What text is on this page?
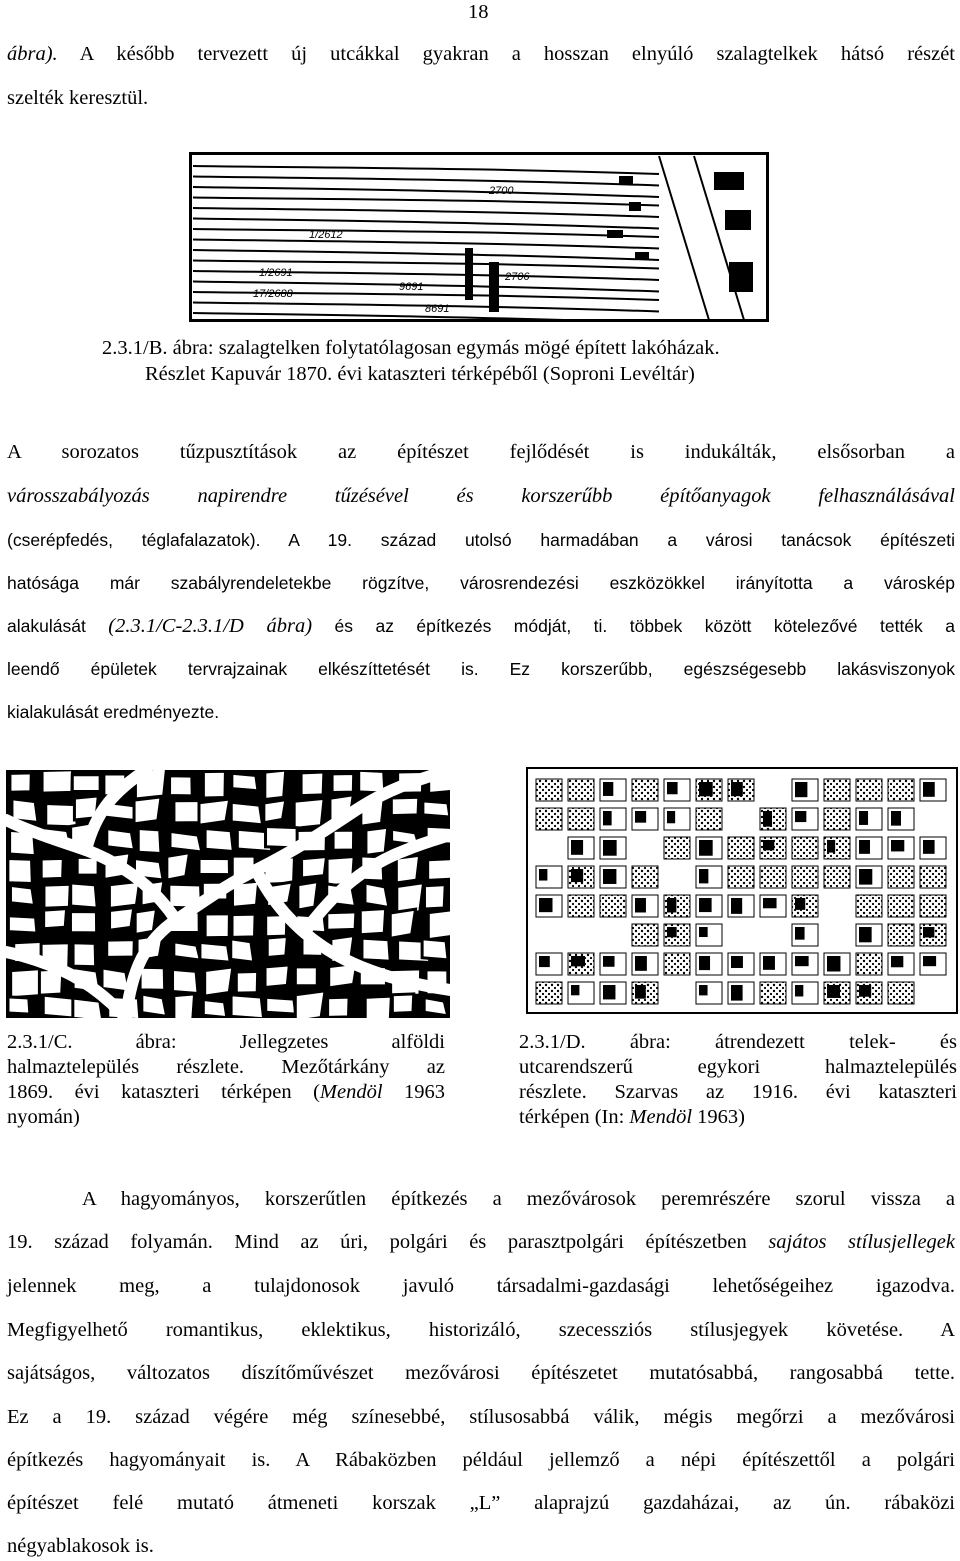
18
ábra). A később tervezett új utcákkal gyakran a hosszan elnyúló szalagtelkek hátsó részét
szelték keresztül.
1/2691
17/2688
9691
8691
1/2612
2706
2700
2.3.1/B. ábra: szalagtelken folytatólagosan egymás mögé épített lakóházak.
Részlet Kapuvár 1870. évi kataszteri térképéből (Soproni Levéltár)
A sorozatos tűzpusztítások az építészet fejlődését is indukálták, elsősorban a
városszabályozás napirendre tűzésével és korszerűbb építőanyagok felhasználásával
(cserépfedés, téglafalazatok). A 19. század utolsó harmadában a városi tanácsok építészeti
hatósága már szabályrendeletekbe rögzítve, városrendezési eszközökkel irányította a városkép
alakulását (2.3.1/C-2.3.1/D ábra) és az építkezés módját, ti. többek között kötelezővé tették a
leendő épületek tervrajzainak elkészíttetését is. Ez korszerűbb, egészségesebb lakásviszonyok
kialakulását eredményezte.
2.3.1/C. ábra: Jellegzetes alföldi
halmaztelepülés részlete. Mezőtárkány az
1869. évi kataszteri térképen (Mendöl 1963
nyomán)
2.3.1/D. ábra: átrendezett telek- és
utcarendszerű egykori halmaztelepülés
részlete. Szarvas az 1916. évi kataszteri
térképen (In: Mendöl 1963)
A hagyományos, korszerűtlen építkezés a mezővárosok peremrészére szorul vissza a
19. század folyamán. Mind az úri, polgári és parasztpolgári építészetben sajátos stílusjellegek
jelennek meg, a tulajdonosok javuló társadalmi-gazdasági lehetőségeihez igazodva.
Megfigyelhető romantikus, eklektikus, historizáló, szecessziós stílusjegyek követése. A
sajátságos, változatos díszítőművészet mezővárosi építészetet mutatósabbá, rangosabbá tette.
Ez a 19. század végére még színesebbé, stílusosabbá válik, mégis megőrzi a mezővárosi
építkezés hagyományait is. A Rábaközben például jellemző a népi építészettől a polgári
építészet felé mutató átmeneti korszak „L” alaprajzú gazdaházai, az ún. rábaközi
négyablakosok is.
